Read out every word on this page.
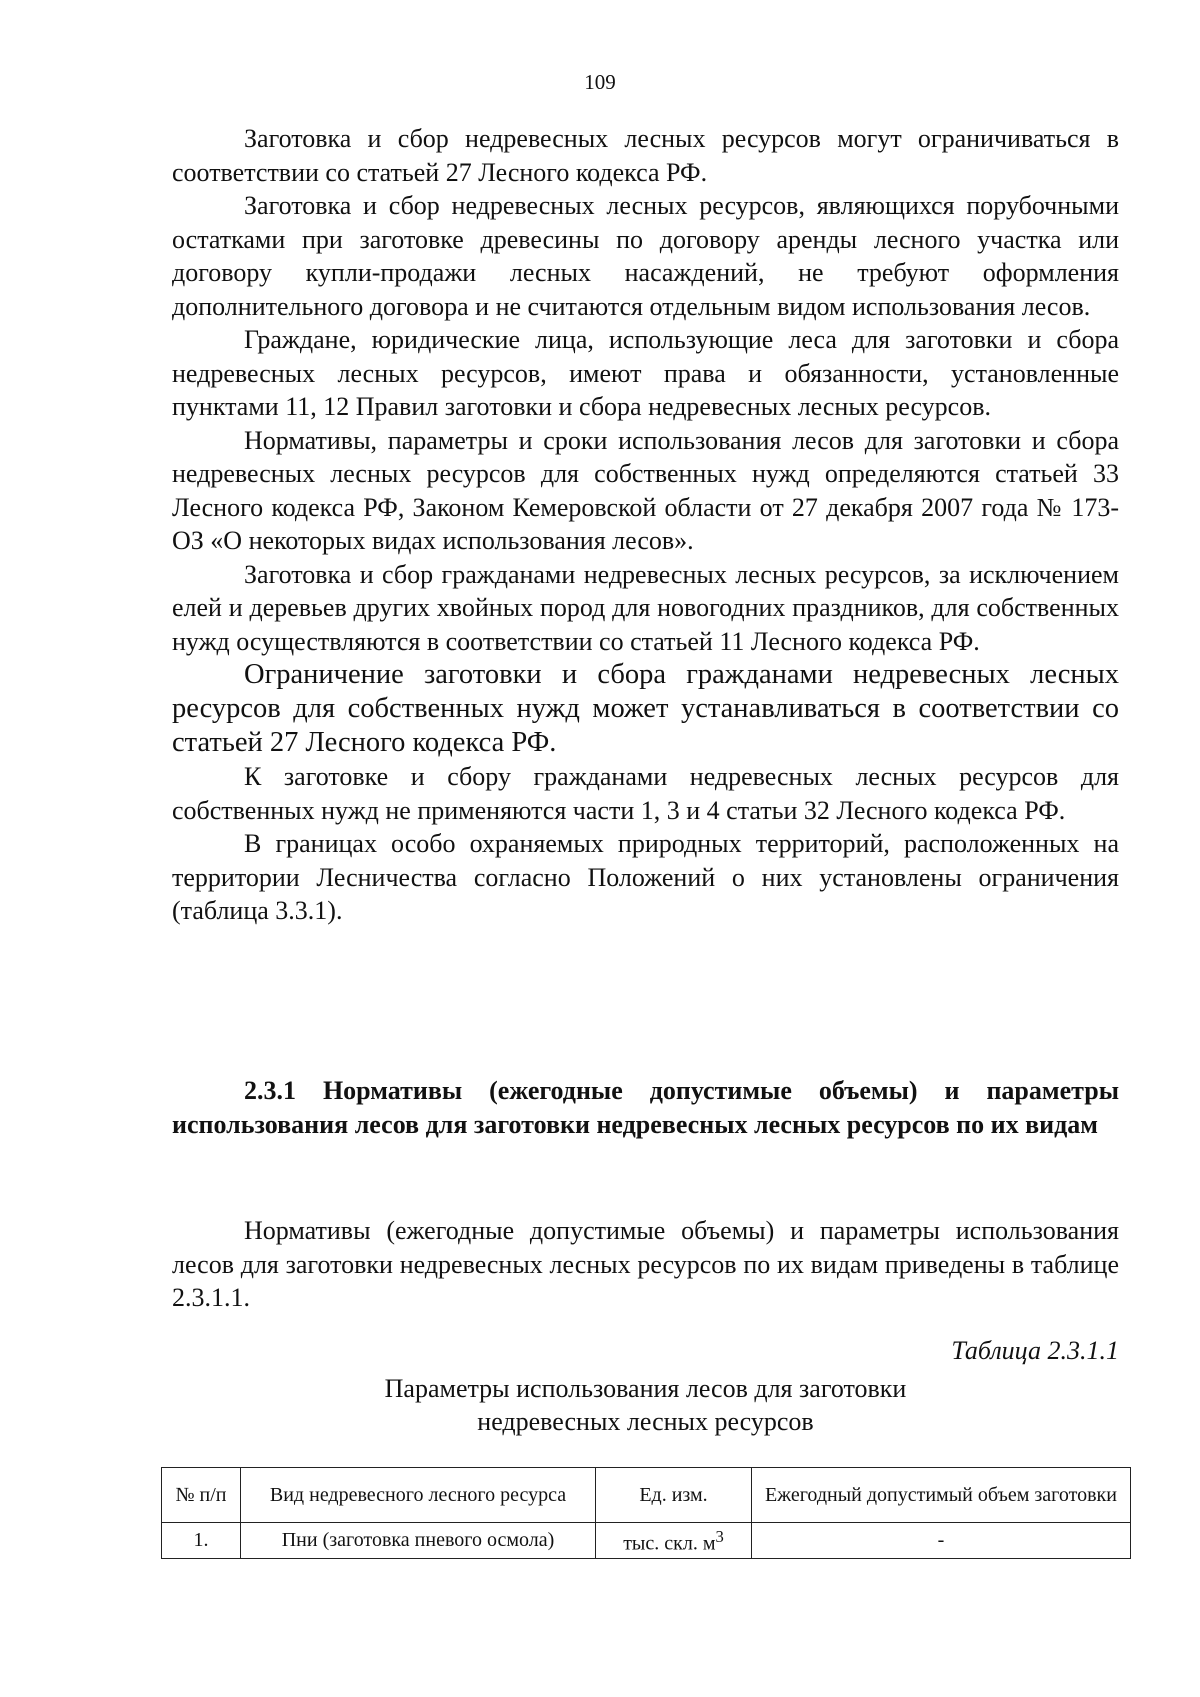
109

Заготовка и сбор недревесных лесных ресурсов могут ограничиваться в соответствии со статьей 27 Лесного кодекса РФ.

Заготовка и сбор недревесных лесных ресурсов, являющихся порубочными остатками при заготовке древесины по договору аренды лесного участка или договору купли-продажи лесных насаждений, не требуют оформления дополнительного договора и не считаются отдельным видом использования лесов.

Граждане, юридические лица, использующие леса для заготовки и сбора недревесных лесных ресурсов, имеют права и обязанности, установленные пунктами 11, 12 Правил заготовки и сбора недревесных лесных ресурсов.

Нормативы, параметры и сроки использования лесов для заготовки и сбора недревесных лесных ресурсов для собственных нужд определяются статьей 33 Лесного кодекса РФ, Законом Кемеровской области от 27 декабря 2007 года № 173-ОЗ «О некоторых видах использования лесов».

Заготовка и сбор гражданами недревесных лесных ресурсов, за исключением елей и деревьев других хвойных пород для новогодних праздников, для собственных нужд осуществляются в соответствии со статьей 11 Лесного кодекса РФ.

Ограничение заготовки и сбора гражданами недревесных лесных ресурсов для собственных нужд может устанавливаться в соответствии со статьей 27 Лесного кодекса РФ.

К заготовке и сбору гражданами недревесных лесных ресурсов для собственных нужд не применяются части 1, 3 и 4 статьи 32 Лесного кодекса РФ.

В границах особо охраняемых природных территорий, расположенных на территории Лесничества согласно Положений о них установлены ограничения (таблица 3.3.1).

2.3.1 Нормативы (ежегодные допустимые объемы) и параметры использования лесов для заготовки недревесных лесных ресурсов по их видам

Нормативы (ежегодные допустимые объемы) и параметры использования лесов для заготовки недревесных лесных ресурсов по их видам приведены в таблице 2.3.1.1.

Таблица 2.3.1.1
Параметры использования лесов для заготовки
недревесных лесных ресурсов
№ п/п	Вид недревесного лесного ресурса	Ед. изм.	Ежегодный допустимый объем заготовки
1.	Пни (заготовка пневого осмола)	тыс. скл. $м^3$	-
